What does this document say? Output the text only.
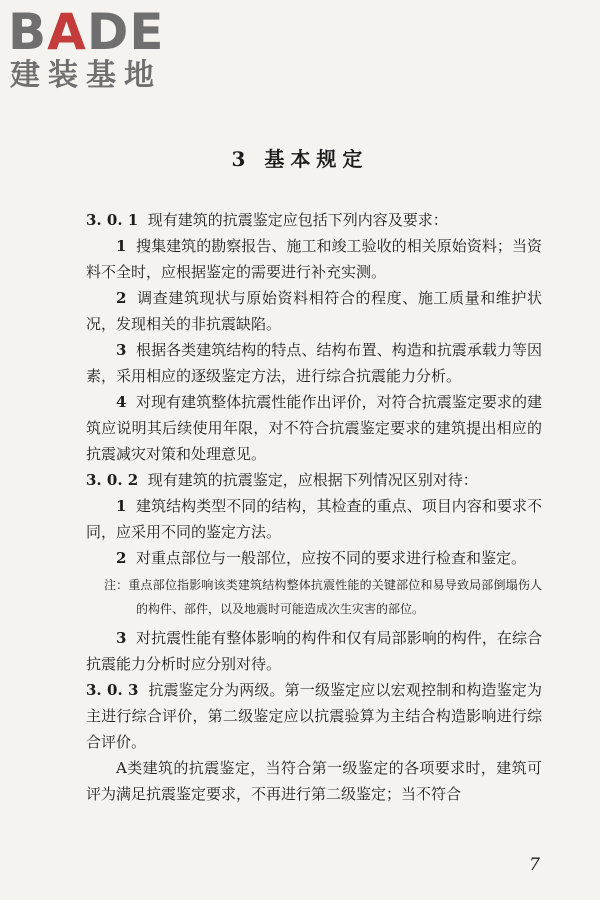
BADE
建装基地
3 基本规定

3. 0. 1 现有建筑的抗震鉴定应包括下列内容及要求：

1 搜集建筑的勘察报告、施工和竣工验收的相关原始资料；当资料不全时，应根据鉴定的需要进行补充实测。

2 调查建筑现状与原始资料相符合的程度、施工质量和维护状况，发现相关的非抗震缺陷。

3 根据各类建筑结构的特点、结构布置、构造和抗震承载力等因素，采用相应的逐级鉴定方法，进行综合抗震能力分析。

4 对现有建筑整体抗震性能作出评价，对符合抗震鉴定要求的建筑应说明其后续使用年限，对不符合抗震鉴定要求的建筑提出相应的抗震减灾对策和处理意见。

3. 0. 2 现有建筑的抗震鉴定，应根据下列情况区别对待：

1 建筑结构类型不同的结构，其检查的重点、项目内容和要求不同，应采用不同的鉴定方法。

2 对重点部位与一般部位，应按不同的要求进行检查和鉴定。

注：重点部位指影响该类建筑结构整体抗震性能的关键部位和易导致局部倒塌伤人的构件、部件，以及地震时可能造成次生灾害的部位。

3 对抗震性能有整体影响的构件和仅有局部影响的构件，在综合抗震能力分析时应分别对待。

3. 0. 3 抗震鉴定分为两级。第一级鉴定应以宏观控制和构造鉴定为主进行综合评价，第二级鉴定应以抗震验算为主结合构造影响进行综合评价。

A类建筑的抗震鉴定，当符合第一级鉴定的各项要求时，建筑可评为满足抗震鉴定要求，不再进行第二级鉴定；当不符合

7
